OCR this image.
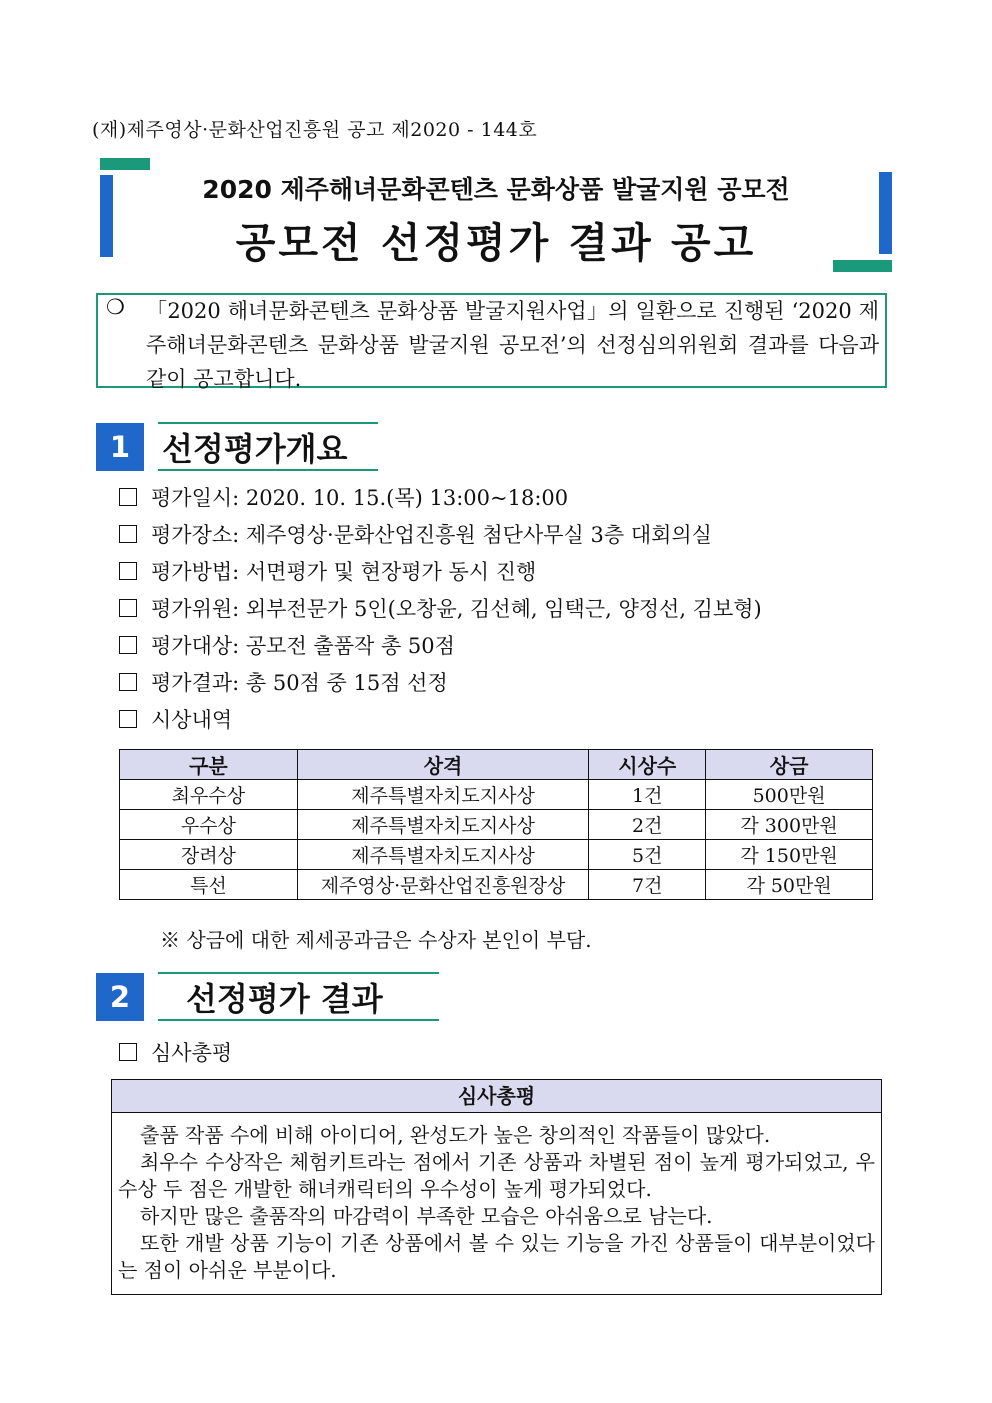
(재)제주영상·문화산업진흥원 공고 제2020 - 144호
2020 제주해녀문화콘텐츠 문화상품 발굴지원 공모전
공모전 선정평가 결과 공고
❍ 「2020 해녀문화콘텐츠 문화상품 발굴지원사업」의 일환으로 진행된 ‘2020 제주해녀문화콘텐츠 문화상품 발굴지원 공모전’의 선정심의위원회 결과를 다음과 같이 공고합니다.
1 선정평가개요
평가일시: 2020. 10. 15.(목) 13:00~18:00
평가장소: 제주영상·문화산업진흥원 첨단사무실 3층 대회의실
평가방법: 서면평가 및 현장평가 동시 진행
평가위원: 외부전문가 5인(오창윤, 김선혜, 임택근, 양정선, 김보형)
평가대상: 공모전 출품작 총 50점
평가결과: 총 50점 중 15점 선정
시상내역
구분	상격	시상수	상금
최우수상	제주특별자치도지사상	1건	500만원
우수상	제주특별자치도지사상	2건	각 300만원
장려상	제주특별자치도지사상	5건	각 150만원
특선	제주영상·문화산업진흥원장상	7건	각 50만원
※ 상금에 대한 제세공과금은 수상자 본인이 부담.
2	선정평가 결과
심사총평
심사총평

출품 작품 수에 비해 아이디어, 완성도가 높은 창의적인 작품들이 많았다.

최우수 수상작은 체험키트라는 점에서 기존 상품과 차별된 점이 높게 평가되었고, 우수상 두 점은 개발한 해녀캐릭터의 우수성이 높게 평가되었다.

하지만 많은 출품작의 마감력이 부족한 모습은 아쉬움으로 남는다.

또한 개발 상품 기능이 기존 상품에서 볼 수 있는 기능을 가진 상품들이 대부분이었다는 점이 아쉬운 부분이다.
